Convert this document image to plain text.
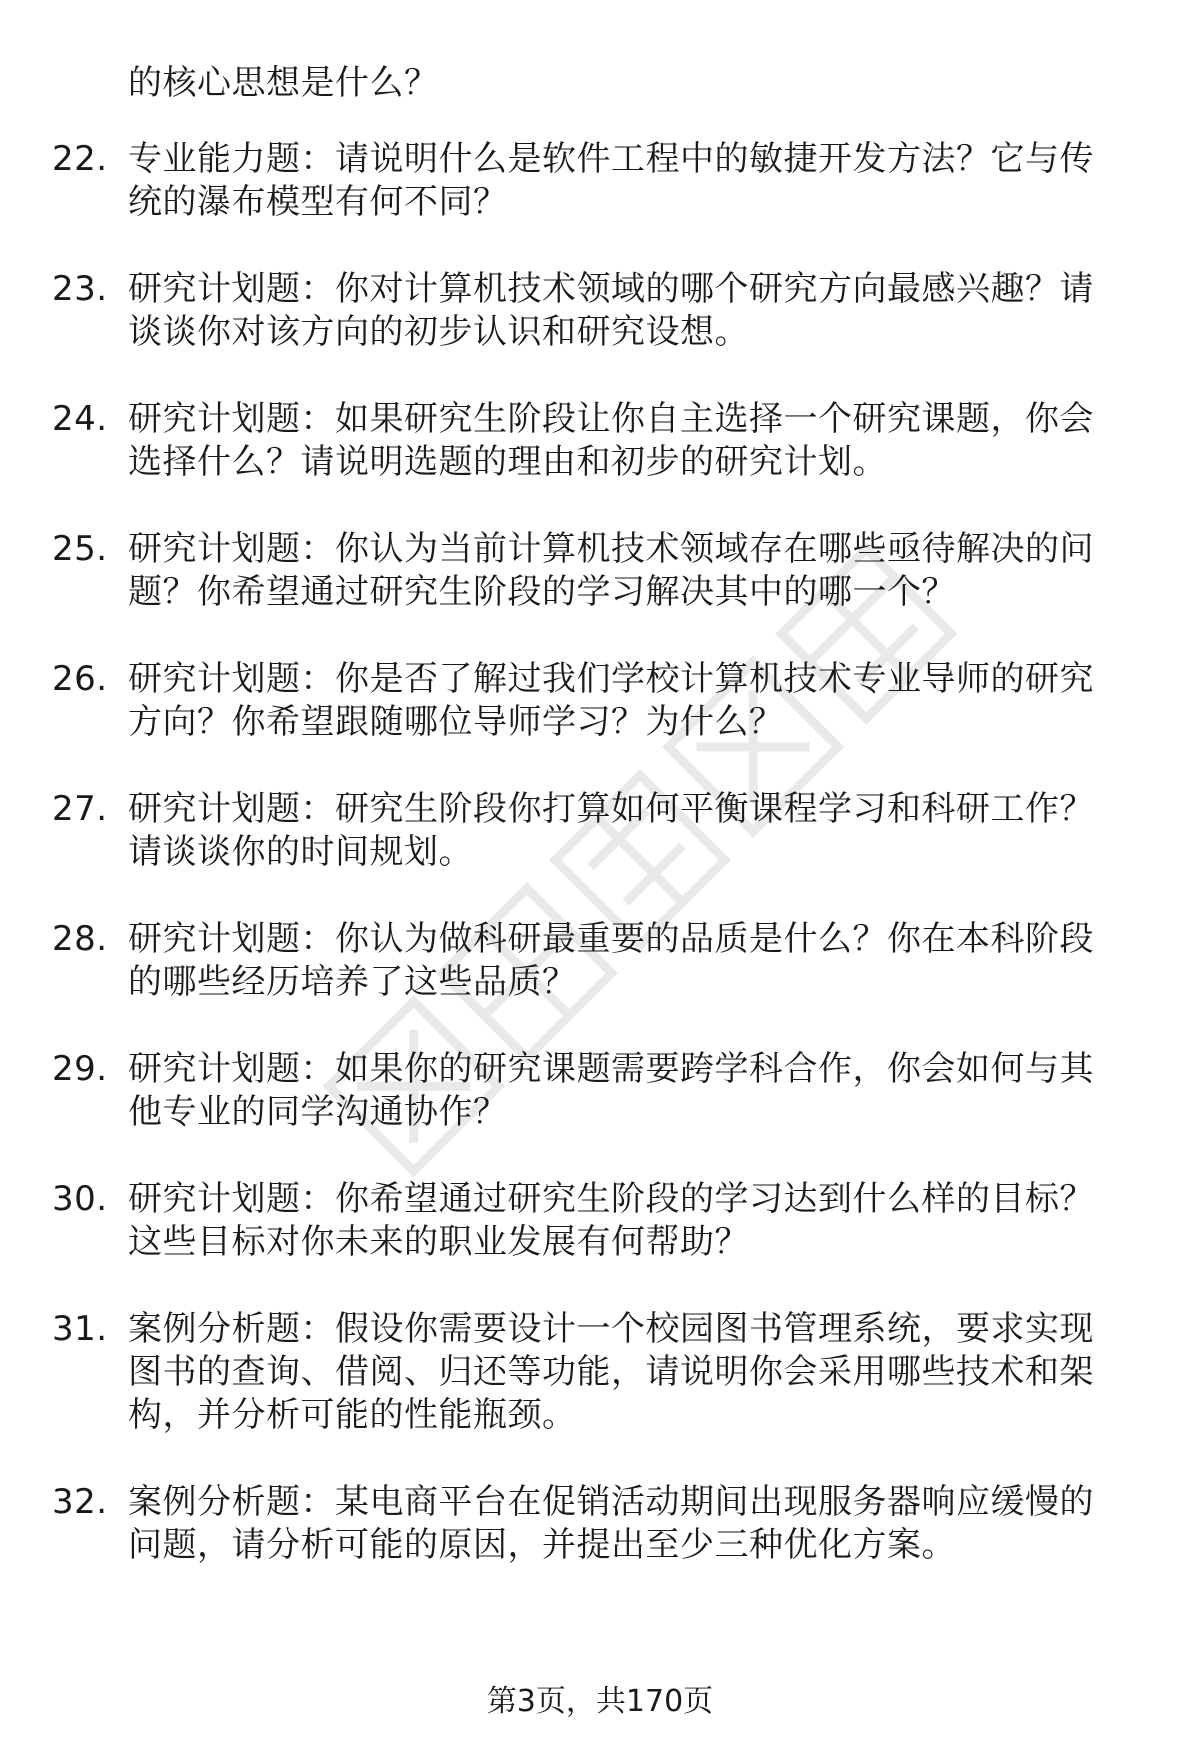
的核心思想是什么？
22. 专业能力题：请说明什么是软件工程中的敏捷开发方法？它与传统的瀑布模型有何不同？
23. 研究计划题：你对计算机技术领域的哪个研究方向最感兴趣？请谈谈你对该方向的初步认识和研究设想。
24. 研究计划题：如果研究生阶段让你自主选择一个研究课题，你会选择什么？请说明选题的理由和初步的研究计划。
25. 研究计划题：你认为当前计算机技术领域存在哪些亟待解决的问题？你希望通过研究生阶段的学习解决其中的哪一个？
26. 研究计划题：你是否了解过我们学校计算机技术专业导师的研究方向？你希望跟随哪位导师学习？为什么？
27. 研究计划题：研究生阶段你打算如何平衡课程学习和科研工作？请谈谈你的时间规划。
28. 研究计划题：你认为做科研最重要的品质是什么？你在本科阶段的哪些经历培养了这些品质？
29. 研究计划题：如果你的研究课题需要跨学科合作，你会如何与其他专业的同学沟通协作？
30. 研究计划题：你希望通过研究生阶段的学习达到什么样的目标？这些目标对你未来的职业发展有何帮助？
31. 案例分析题：假设你需要设计一个校园图书管理系统，要求实现图书的查询、借阅、归还等功能，请说明你会采用哪些技术和架构，并分析可能的性能瓶颈。
32. 案例分析题：某电商平台在促销活动期间出现服务器响应缓慢的问题，请分析可能的原因，并提出至少三种优化方案。
第3页，共170页
